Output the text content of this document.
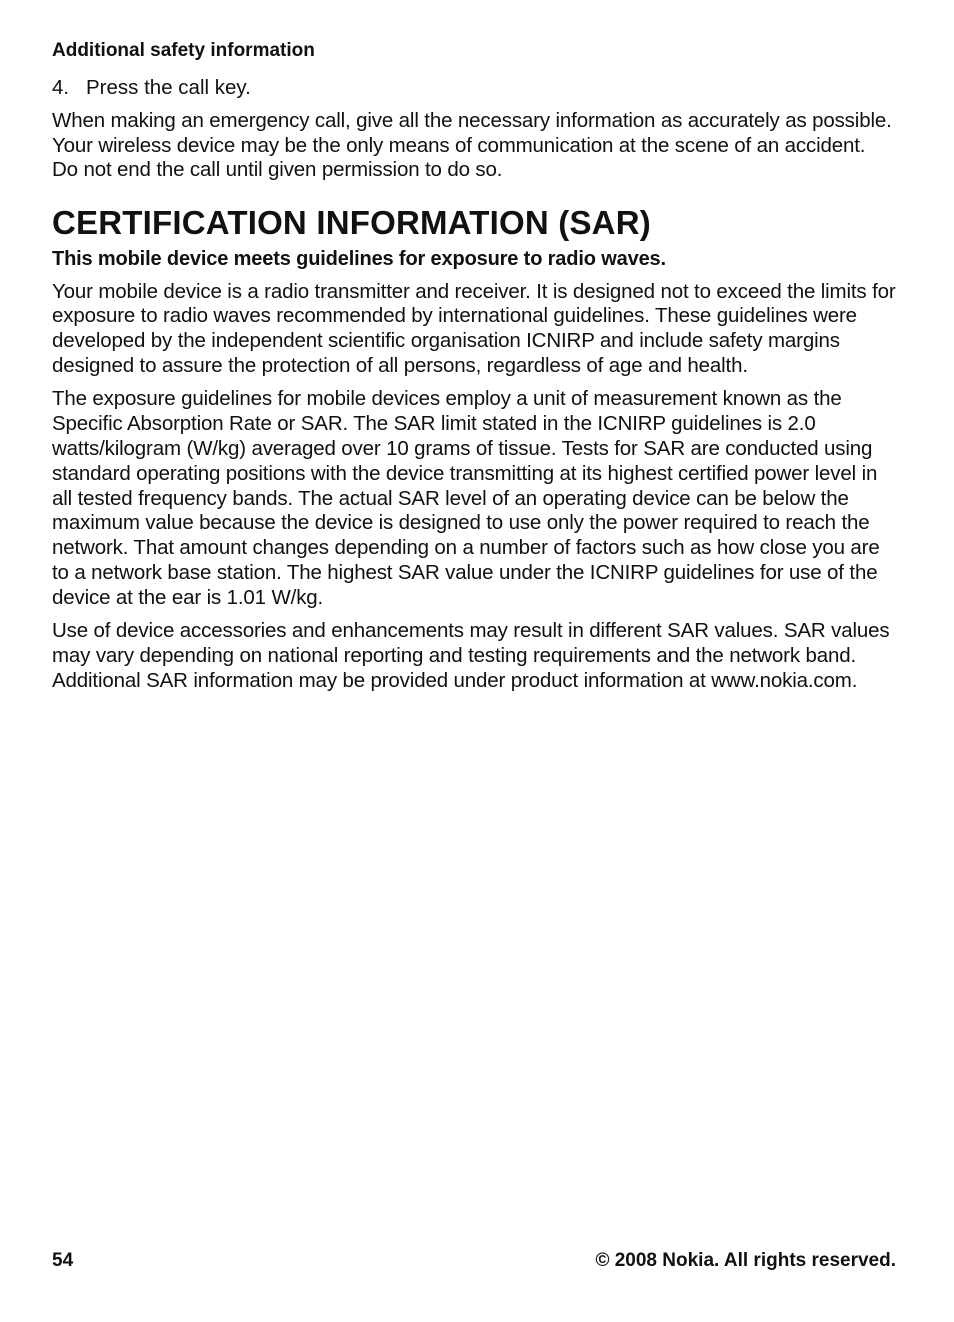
Additional safety information
4. Press the call key.

When making an emergency call, give all the necessary information as accurately as possible. Your wireless device may be the only means of communication at the scene of an accident. Do not end the call until given permission to do so.

CERTIFICATION INFORMATION (SAR)

This mobile device meets guidelines for exposure to radio waves.

Your mobile device is a radio transmitter and receiver. It is designed not to exceed the limits for exposure to radio waves recommended by international guidelines. These guidelines were developed by the independent scientific organisation ICNIRP and include safety margins designed to assure the protection of all persons, regardless of age and health.

The exposure guidelines for mobile devices employ a unit of measurement known as the Specific Absorption Rate or SAR. The SAR limit stated in the ICNIRP guidelines is 2.0 watts/kilogram (W/kg) averaged over 10 grams of tissue. Tests for SAR are conducted using standard operating positions with the device transmitting at its highest certified power level in all tested frequency bands. The actual SAR level of an operating device can be below the maximum value because the device is designed to use only the power required to reach the network. That amount changes depending on a number of factors such as how close you are to a network base station. The highest SAR value under the ICNIRP guidelines for use of the device at the ear is 1.01 W/kg.

Use of device accessories and enhancements may result in different SAR values. SAR values may vary depending on national reporting and testing requirements and the network band. Additional SAR information may be provided under product information at www.nokia.com.

54	© 2008 Nokia. All rights reserved.
